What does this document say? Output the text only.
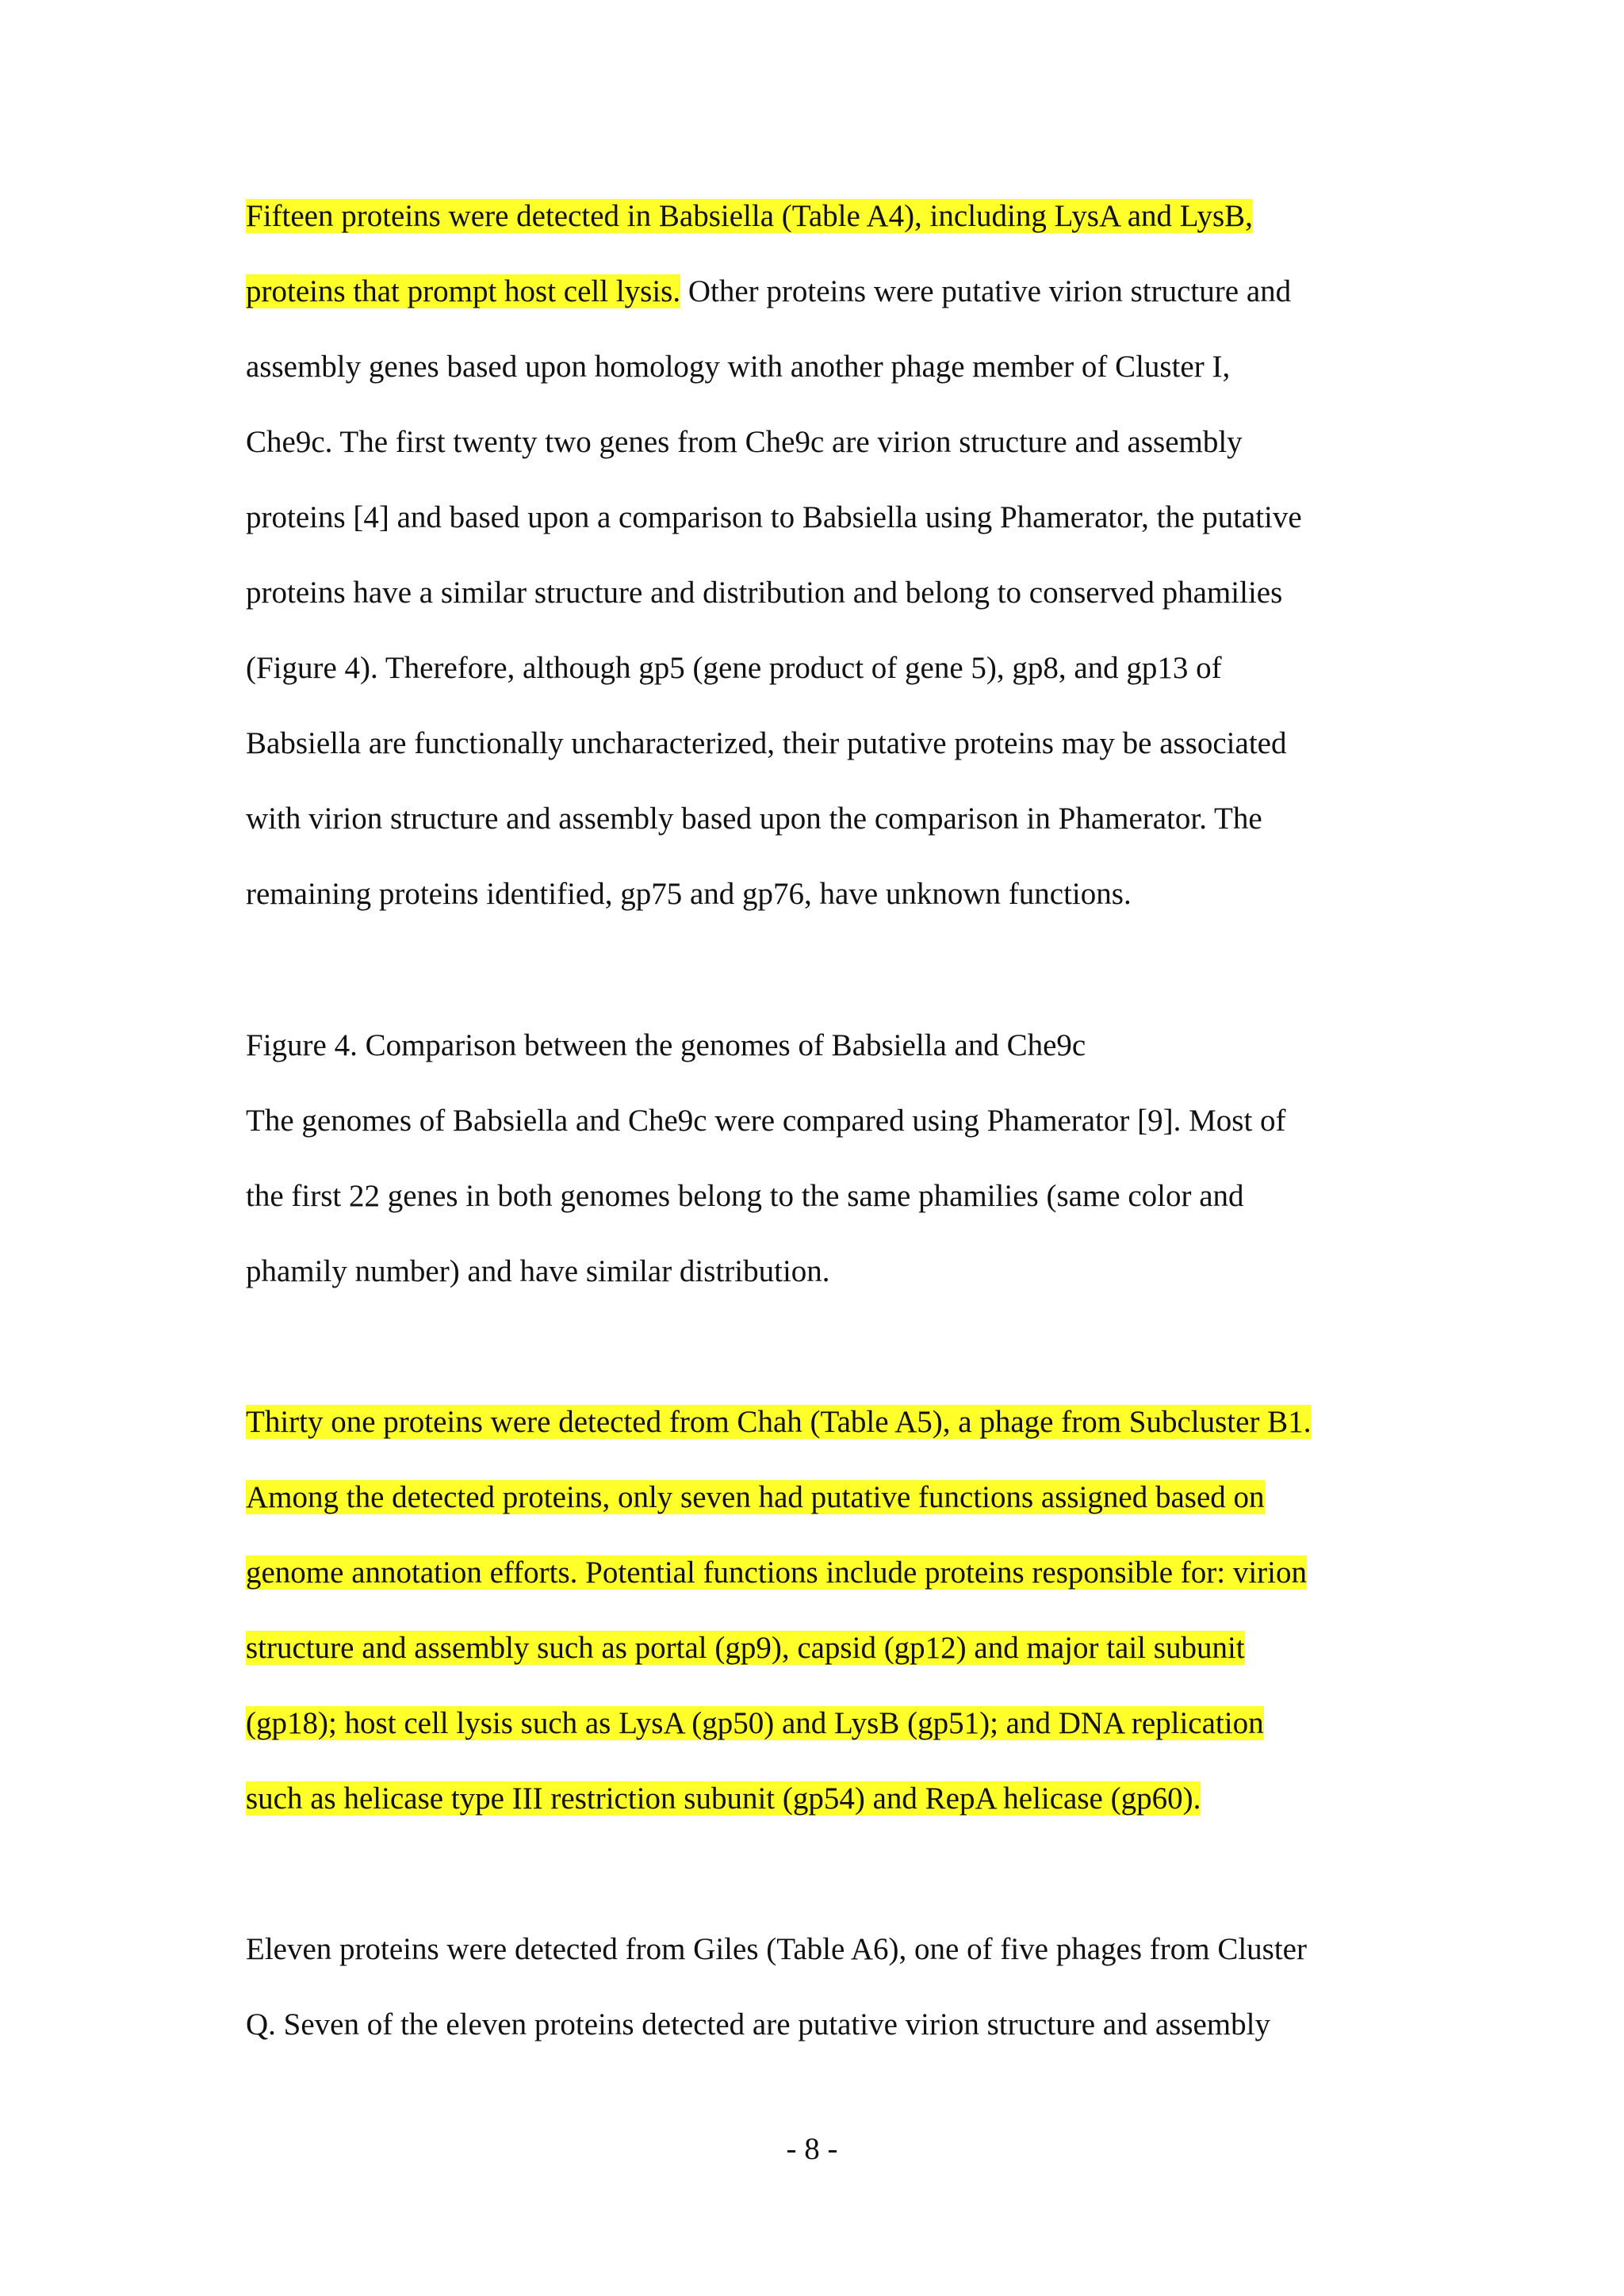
Fifteen proteins were detected in Babsiella (Table A4), including LysA and LysB,
proteins that prompt host cell lysis. Other proteins were putative virion structure and
assembly genes based upon homology with another phage member of Cluster I,
Che9c. The first twenty two genes from Che9c are virion structure and assembly
proteins [4] and based upon a comparison to Babsiella using Phamerator, the putative
proteins have a similar structure and distribution and belong to conserved phamilies
(Figure 4). Therefore, although gp5 (gene product of gene 5), gp8, and gp13 of
Babsiella are functionally uncharacterized, their putative proteins may be associated
with virion structure and assembly based upon the comparison in Phamerator. The
remaining proteins identified, gp75 and gp76, have unknown functions.

Figure 4. Comparison between the genomes of Babsiella and Che9c
The genomes of Babsiella and Che9c were compared using Phamerator [9]. Most of
the first 22 genes in both genomes belong to the same phamilies (same color and
phamily number) and have similar distribution.

Thirty one proteins were detected from Chah (Table A5), a phage from Subcluster B1.
Among the detected proteins, only seven had putative functions assigned based on
genome annotation efforts. Potential functions include proteins responsible for: virion
structure and assembly such as portal (gp9), capsid (gp12) and major tail subunit
(gp18); host cell lysis such as LysA (gp50) and LysB (gp51); and DNA replication
such as helicase type III restriction subunit (gp54) and RepA helicase (gp60).

Eleven proteins were detected from Giles (Table A6), one of five phages from Cluster
Q. Seven of the eleven proteins detected are putative virion structure and assembly

- 8 -
